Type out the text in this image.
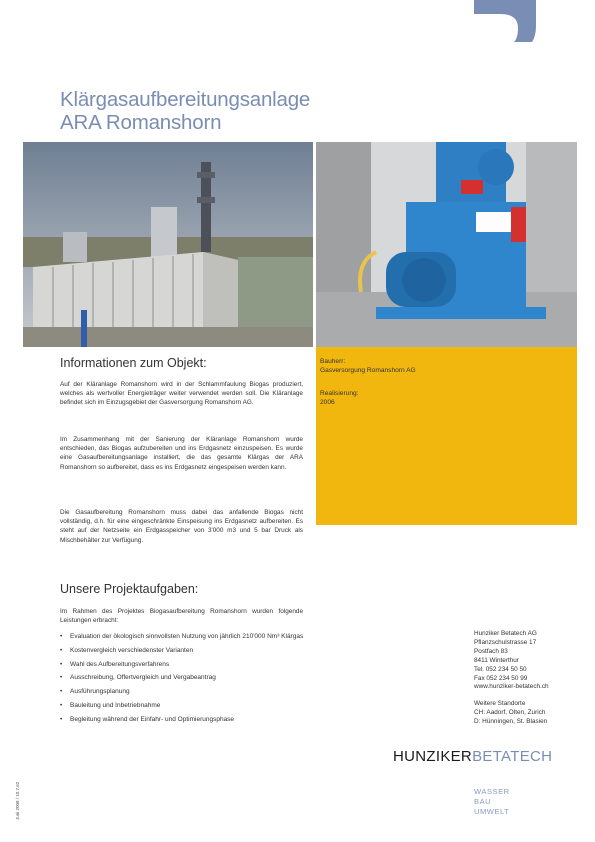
Klärgasaufbereitungsanlage
ARA Romanshorn
Informationen zum Objekt:
Auf der Kläranlage Romanshorn wird in der Schlammfaulung Biogas produziert, welches als wertvoller Energieträger weiter verwendet werden soll. Die Kläranlage befindet sich im Einzugsgebiet der Gasversorgung Romanshorn AG.
Im Zusammenhang mit der Sanierung der Kläranlage Romanshorn wurde entschieden, das Biogas aufzubereiten und ins Erdgasnetz einzuspeisen. Es wurde eine Gasaufbereitungsanlage installiert, die das gesamte Klärgas der ARA Romanshorn so aufbereitet, dass es ins Erdgasnetz eingespeisen werden kann.
Die Gasaufbereitung Romanshorn muss dabei das anfallende Biogas nicht vollständig, d.h. für eine eingeschränkte Einspeisung ins Erdgasnetz aufbereiten. Es steht auf der Netzseite ein Erdgasspeicher von 3'000 m3 und 5 bar Druck als Mischbehälter zur Verfügung.
Bauherr:
Gasversorgung Romanshorn AG
Realisierung:
2006
Unsere Projektaufgaben:
Im Rahmen des Projektes Biogasaufbereitung Romanshorn wurden folgende Leistungen erbracht:
• Evaluation der ökologisch sinnvollsten Nutzung von jährlich 210'000 Nm³ Klärgas
• Kostenvergleich verschiedenster Varianten
• Wahl des Aufbereitungsverfahrens
• Ausschreibung, Offertvergleich und Vergabeantrag
• Ausführungsplanung
• Bauleitung und Inbetriebnahme
• Begleitung während der Einfahr- und Optimierungsphase
Hunziker Betatech AG
Pflanzschulstrasse 17
Postfach 83
8411 Winterthur
Tel. 052 234 50 50
Fax 052 234 50 99
www.hunziker-betatech.ch
Weitere Standorte
CH: Aadorf, Olten, Zurich
D: Hünningen, St. Blasien
HUNZIKERBETATECH
WASSER
BAU
UMWELT
Juni 2008 / 10.7.62
